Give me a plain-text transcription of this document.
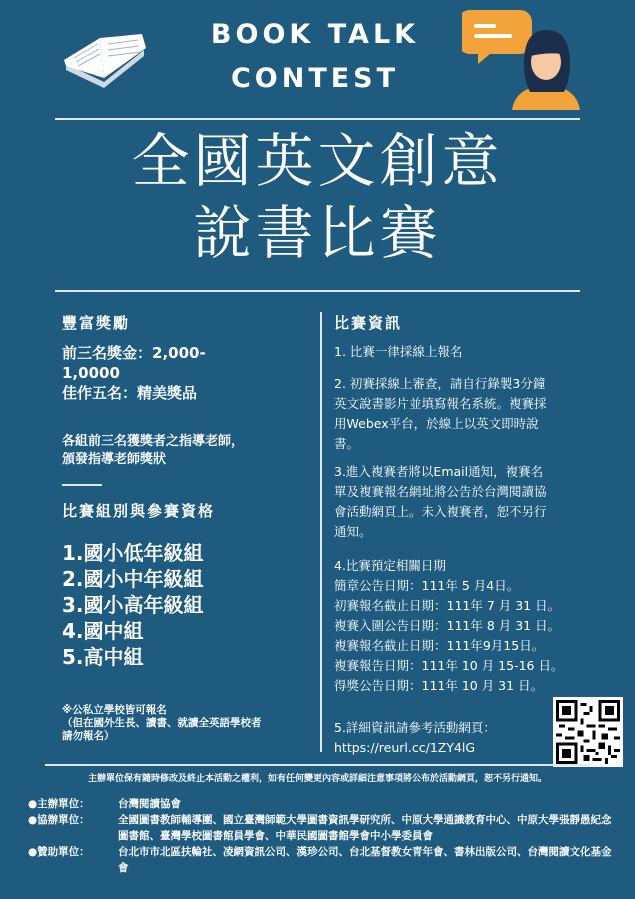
BOOK TALK
CONTEST
全國英文創意
說書比賽
豐富獎勵
前三名獎金：2,000-
1,0000
佳作五名：精美獎品
各組前三名獲獎者之指導老師，
頒發指導老師獎狀
比賽組別與參賽資格
1.國小低年級組
2.國小中年級組
3.國小高年級組
4.國中組
5.高中組
※公私立學校皆可報名
（但在國外生長、讀書、就讀全英語學校者
請勿報名）
比賽資訊
1. 比賽一律採線上報名

2. 初賽採線上審查，請自行錄製3分鐘

英文說書影片並填寫報名系統。複賽採

用Webex平台，於線上以英文即時說

書。

3.進入複賽者將以Email通知，複賽名

單及複賽報名網址將公告於台灣閱讀協

會活動網頁上。未入複賽者，恕不另行

通知。

4.比賽預定相關日期

簡章公告日期：111年 5 月4日。

初賽報名截止日期：111年 7 月 31 日。

複賽入圍公告日期：111年 8 月 31 日。

複賽報名截止日期：111年9月15日。

複賽報告日期：111年 10 月 15-16 日。

得獎公告日期：111年 10 月 31 日。

5.詳細資訊請參考活動網頁：

https://reurl.cc/1ZY4lG

主辦單位保有隨時修改及終止本活動之權利，如有任何變更內容或詳細注意事項將公布於活動網頁，恕不另行通知。
●主辦單位：	台灣閱讀協會
●協辦單位：	全國圖書教師輔導團、國立臺灣師範大學圖書資訊學研究所、中原大學通識教育中心、中原大學張靜愚紀念圖書館、臺灣學校圖書館員學會、中華民國圖書館學會中小學委員會
●贊助單位：	台北市市北區扶輪社、凌網資訊公司、漢珍公司、台北基督教女青年會、書林出版公司、台灣閱讀文化基金會
